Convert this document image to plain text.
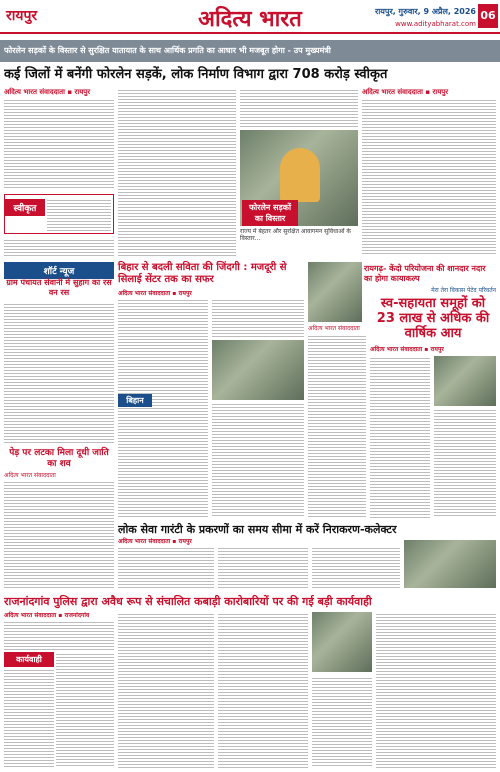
रायपुर	अदित्य भारत	रायपुर, गुरुवार, 9 अप्रैल, 2026
www.adityabharat.com
06
फोरलेन सड़कों के विस्तार से सुरक्षित यातायात के साथ आर्थिक प्रगति का आधार भी मजबूत होगा - उप मुख्यमंत्री
कई जिलों में बनेंगी फोरलेन सड़कें, लोक निर्माण विभाग द्वारा 708 करोड़ स्वीकृत
अदित्य भारत संवाददाता ▪ रायपुर
स्वीकृत	फोरलेन सड़कों का विस्तार
राज्य में बेहतर और सुरक्षित आवागमन सुविधाओं के विस्तार...
अदित्य भारत संवाददाता ▪ रायपुर
शॉर्ट न्यूज
ग्राम पंचायत सेवानी में सुहाग का रस वन रस
पेड़ पर लटका मिला दूधी जाति का शव
अदित्य भारत संवाददाता
बिहार से बदली सविता की जिंदगी : मजदूरी से सिलाई सेंटर तक का सफर
अदित्य भारत संवाददाता ▪ रायपुर
बिहान
रायगढ़- केंदो परियोजना की शानदार नदार का होगा कायाकल्प
अदित्य भारत संवाददाता
मेरा तेरा विकास पेटेद परिवर्तन
स्व-सहायता समूहों को 23 लाख से अधिक की वार्षिक आय
अदित्य भारत संवाददाता ▪ रायपुर
लोक सेवा गारंटी के प्रकरणों का समय सीमा में करें निराकरण-कलेक्टर
अदित्य भारत संवाददाता ▪ रायपुर
राजनांदगांव पुलिस द्वारा अवैध रूप से संचालित कबाड़ी कारोबारियों पर की गई बड़ी कार्यवाही
अदित्य भारत संवाददाता ▪ राजनांदगांव
कार्यवाही
